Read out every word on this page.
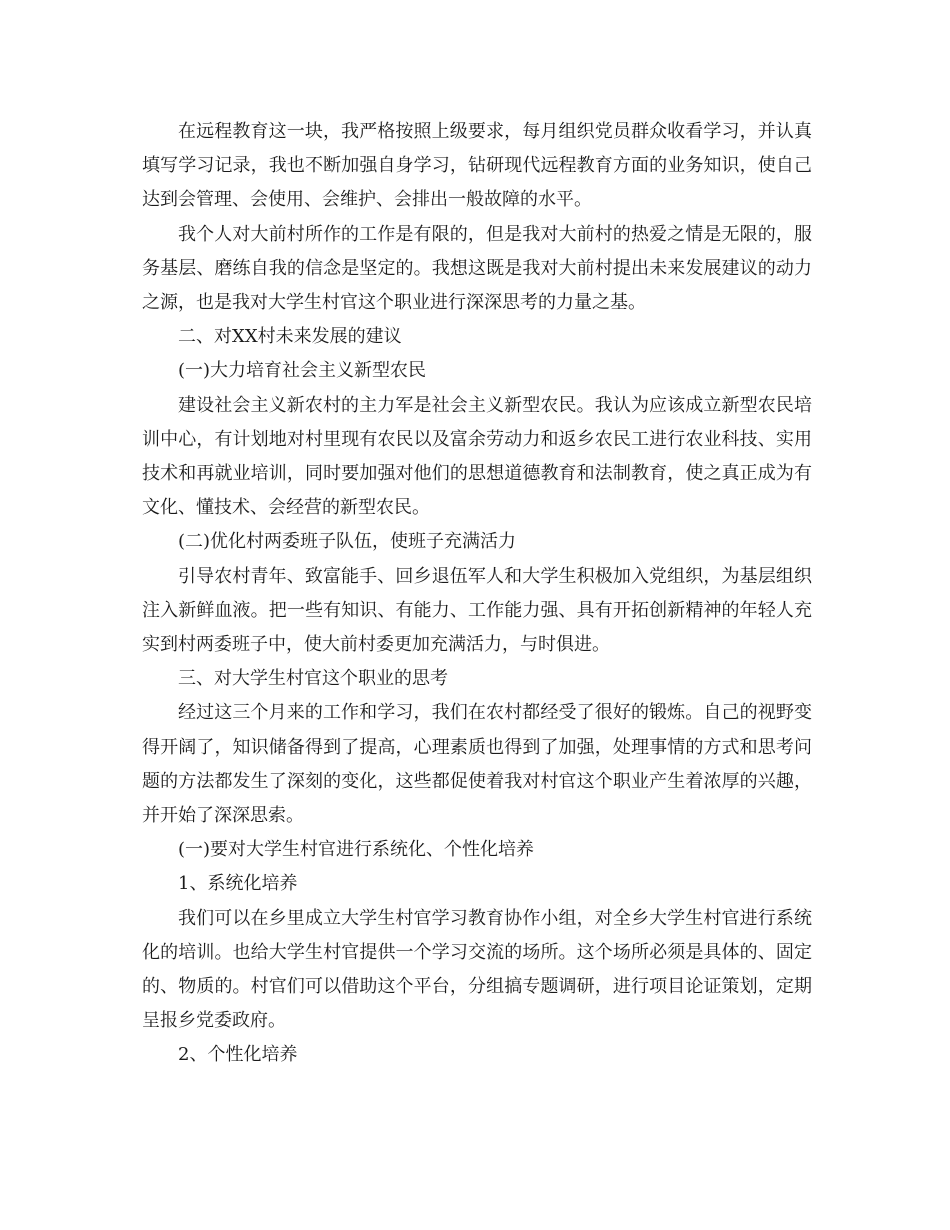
在远程教育这一块，我严格按照上级要求，每月组织党员群众收看学习，并认真填写学习记录，我也不断加强自身学习，钻研现代远程教育方面的业务知识，使自己达到会管理、会使用、会维护、会排出一般故障的水平。

我个人对大前村所作的工作是有限的，但是我对大前村的热爱之情是无限的，服务基层、磨练自我的信念是坚定的。我想这既是我对大前村提出未来发展建议的动力之源，也是我对大学生村官这个职业进行深深思考的力量之基。

二、对XX村未来发展的建议

(一)大力培育社会主义新型农民

建设社会主义新农村的主力军是社会主义新型农民。我认为应该成立新型农民培训中心，有计划地对村里现有农民以及富余劳动力和返乡农民工进行农业科技、实用技术和再就业培训，同时要加强对他们的思想道德教育和法制教育，使之真正成为有文化、懂技术、会经营的新型农民。

(二)优化村两委班子队伍，使班子充满活力

引导农村青年、致富能手、回乡退伍军人和大学生积极加入党组织，为基层组织注入新鲜血液。把一些有知识、有能力、工作能力强、具有开拓创新精神的年轻人充实到村两委班子中，使大前村委更加充满活力，与时俱进。

三、对大学生村官这个职业的思考

经过这三个月来的工作和学习，我们在农村都经受了很好的锻炼。自己的视野变得开阔了，知识储备得到了提高，心理素质也得到了加强，处理事情的方式和思考问题的方法都发生了深刻的变化，这些都促使着我对村官这个职业产生着浓厚的兴趣，并开始了深深思索。

(一)要对大学生村官进行系统化、个性化培养

1、系统化培养

我们可以在乡里成立大学生村官学习教育协作小组，对全乡大学生村官进行系统化的培训。也给大学生村官提供一个学习交流的场所。这个场所必须是具体的、固定的、物质的。村官们可以借助这个平台，分组搞专题调研，进行项目论证策划，定期呈报乡党委政府。

2、个性化培养
